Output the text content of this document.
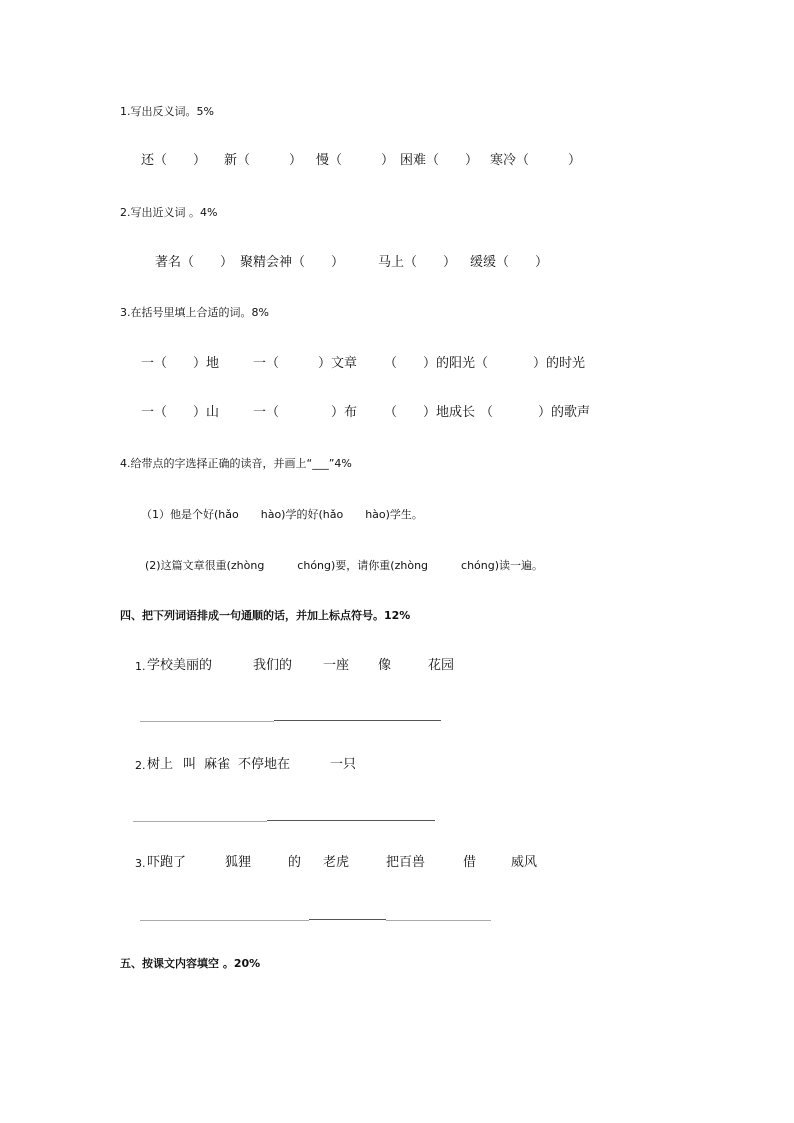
1.写出反义词。5%
还（　　） 新（　　　） 慢（　　　） 困难（　　） 寒冷（　　　）
2.写出近义词 。4%
著名（　　） 聚精会神（　　）	马上（　　） 缓缓（　　）
3.在括号里填上合适的词。8%
一（　　）地	一（　　　）文章 （　　）的阳光（	）的时光
一（　　）山	一（　　　　）布 （　　）地成长 （	）的歌声
4.给带点的字选择正确的读音，并画上“___”4%
（1）他是个好(hǎo　　hào)学的好(hǎo　　hào)学生。
(2)这篇文章很重(zhòng　　　chóng)要，请你重(zhòng　　　chóng)读一遍。
四、把下列词语排成一句通顺的话，并加上标点符号。12%
1. 学校美丽的	我们的 一座 像	花园
2. 树上 叫 麻雀 不停地在	一只
3. 吓跑了	狐狸	的 老虎	把百兽	借	威风
五、按课文内容填空 。20%
